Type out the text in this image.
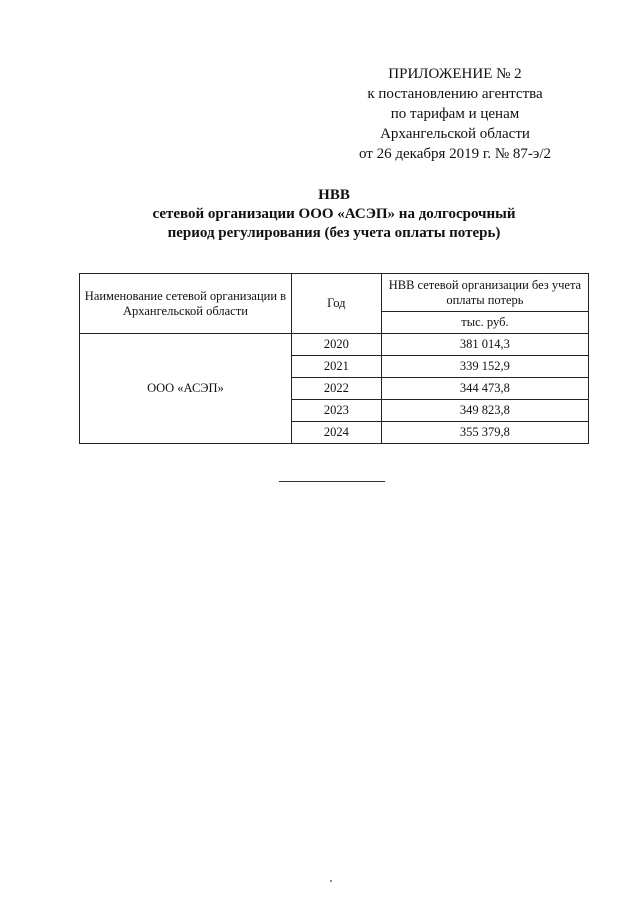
ПРИЛОЖЕНИЕ № 2
к постановлению агентства
по тарифам и ценам
Архангельской области
от 26 декабря 2019 г. № 87-э/2
НВВ
сетевой организации ООО «АСЭП» на долгосрочный
период регулирования (без учета оплаты потерь)
Наименование сетевой организации в Архангельской области	Год	НВВ сетевой организации без учета оплаты потерь
		тыс. руб.
ООО «АСЭП»	2020	381 014,3
	2021	339 152,9
	2022	344 473,8
	2023	349 823,8
	2024	355 379,8
